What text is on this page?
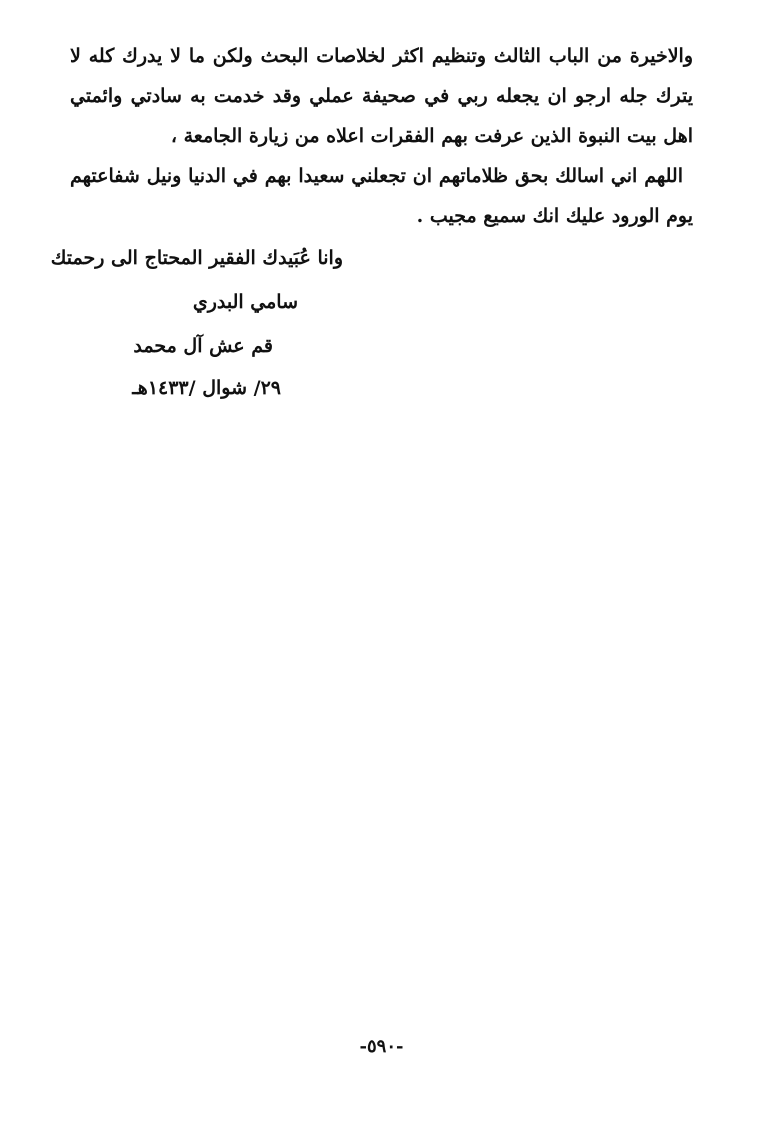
والاخيرة من الباب الثالث وتنظيم اكثر لخلاصات البحث ولكن ما لا يدرك كله لا يترك جله ارجو ان يجعله ربي في صحيفة عملي وقد خدمت به سادتي وائمتي اهل بيت النبوة الذين عرفت بهم الفقرات اعلاه من زيارة الجامعة ،

اللهم اني اسالك بحق ظلاماتهم ان تجعلني سعيدا بهم في الدنيا ونيل شفاعتهم يوم الورود عليك انك سميع مجيب .

وانا عُبَيدك الفقير المحتاج الى رحمتك
سامي البدري
قم عش آل محمد
٢٩/ شوال /١٤٣٣هـ
-٥٩٠-
